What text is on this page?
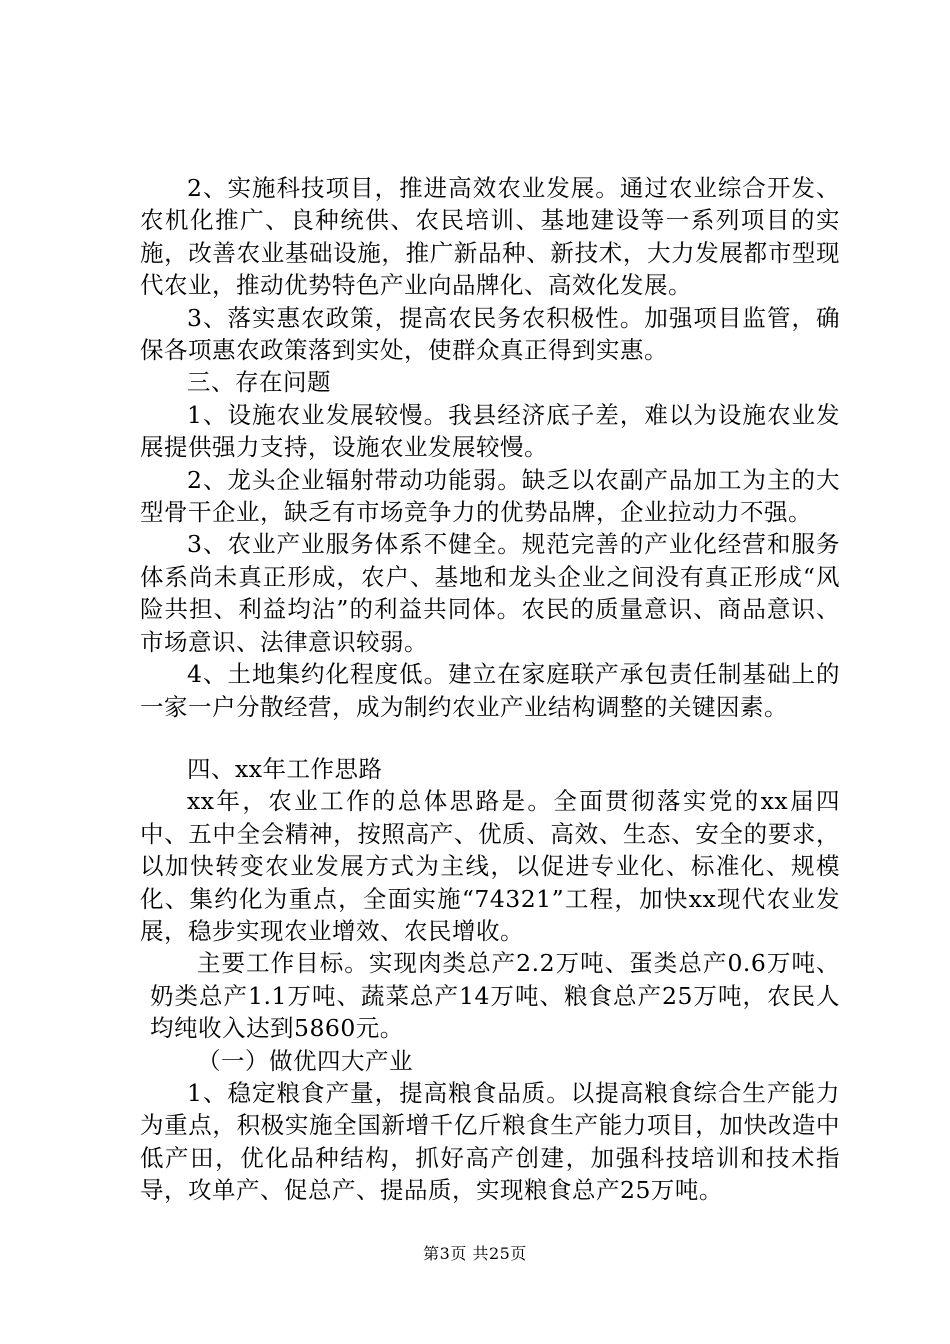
2、实施科技项目，推进高效农业发展。通过农业综合开发、农机化推广、良种统供、农民培训、基地建设等一系列项目的实施，改善农业基础设施，推广新品种、新技术，大力发展都市型现代农业，推动优势特色产业向品牌化、高效化发展。

3、落实惠农政策，提高农民务农积极性。加强项目监管，确保各项惠农政策落到实处，使群众真正得到实惠。

三、存在问题

1、设施农业发展较慢。我县经济底子差，难以为设施农业发展提供强力支持，设施农业发展较慢。

2、龙头企业辐射带动功能弱。缺乏以农副产品加工为主的大型骨干企业，缺乏有市场竞争力的优势品牌，企业拉动力不强。

3、农业产业服务体系不健全。规范完善的产业化经营和服务体系尚未真正形成，农户、基地和龙头企业之间没有真正形成“风险共担、利益均沾”的利益共同体。农民的质量意识、商品意识、市场意识、法律意识较弱。

4、土地集约化程度低。建立在家庭联产承包责任制基础上的一家一户分散经营，成为制约农业产业结构调整的关键因素。

四、xx年工作思路

xx年，农业工作的总体思路是。全面贯彻落实党的xx届四中、五中全会精神，按照高产、优质、高效、生态、安全的要求，以加快转变农业发展方式为主线，以促进专业化、标准化、规模化、集约化为重点，全面实施“74321”工程，加快xx现代农业发展，稳步实现农业增效、农民增收。

主要工作目标。实现肉类总产2.2万吨、蛋类总产0.6万吨、奶类总产1.1万吨、蔬菜总产14万吨、粮食总产25万吨，农民人均纯收入达到5860元。

（一）做优四大产业

1、稳定粮食产量，提高粮食品质。以提高粮食综合生产能力为重点，积极实施全国新增千亿斤粮食生产能力项目，加快改造中低产田，优化品种结构，抓好高产创建，加强科技培训和技术指导，攻单产、促总产、提品质，实现粮食总产25万吨。

第3页 共25页
